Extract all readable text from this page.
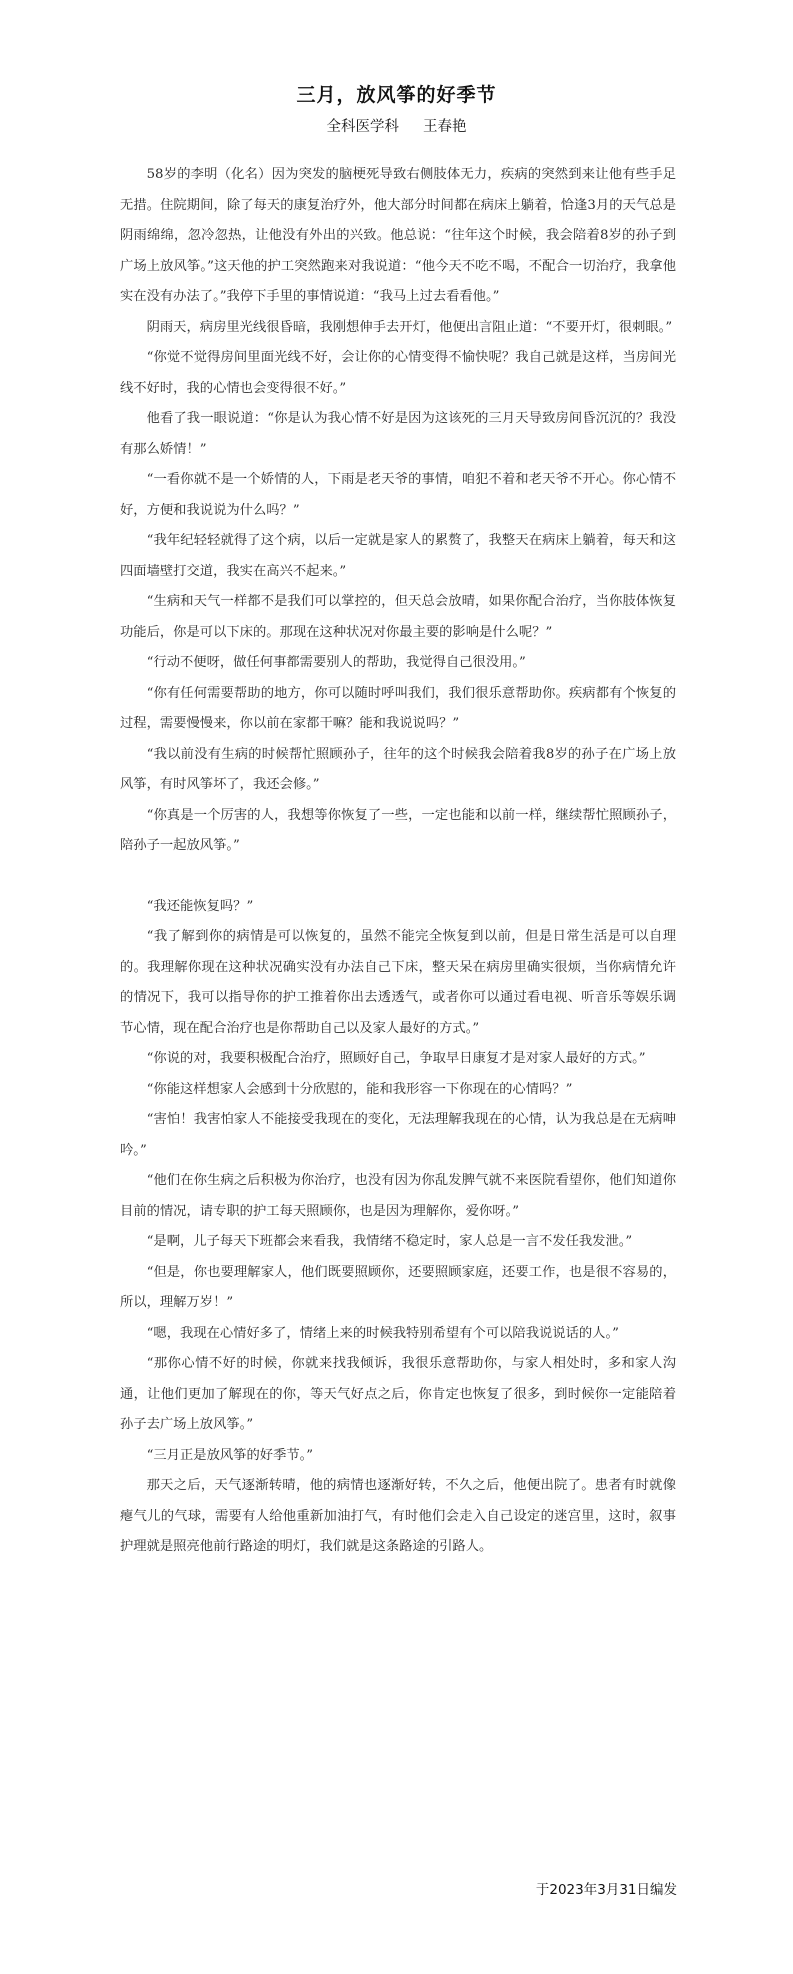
三月，放风筝的好季节
全科医学科 王春艳

58岁的李明（化名）因为突发的脑梗死导致右侧肢体无力，疾病的突然到来让他有些手足无措。住院期间，除了每天的康复治疗外，他大部分时间都在病床上躺着，恰逢3月的天气总是阴雨绵绵，忽冷忽热，让他没有外出的兴致。他总说：“往年这个时候，我会陪着8岁的孙子到广场上放风筝。”这天他的护工突然跑来对我说道：“他今天不吃不喝，不配合一切治疗，我拿他实在没有办法了。”我停下手里的事情说道：“我马上过去看看他。”

阴雨天，病房里光线很昏暗，我刚想伸手去开灯，他便出言阻止道：“不要开灯，很刺眼。”

“你觉不觉得房间里面光线不好，会让你的心情变得不愉快呢？我自己就是这样，当房间光线不好时，我的心情也会变得很不好。”

他看了我一眼说道：“你是认为我心情不好是因为这该死的三月天导致房间昏沉沉的？我没有那么娇情！”

“一看你就不是一个娇情的人，下雨是老天爷的事情，咱犯不着和老天爷不开心。你心情不好，方便和我说说为什么吗？”

“我年纪轻轻就得了这个病，以后一定就是家人的累赘了，我整天在病床上躺着，每天和这四面墙壁打交道，我实在高兴不起来。”

“生病和天气一样都不是我们可以掌控的，但天总会放晴，如果你配合治疗，当你肢体恢复功能后，你是可以下床的。那现在这种状况对你最主要的影响是什么呢？”

“行动不便呀，做任何事都需要别人的帮助，我觉得自己很没用。”

“你有任何需要帮助的地方，你可以随时呼叫我们，我们很乐意帮助你。疾病都有个恢复的过程，需要慢慢来，你以前在家都干嘛？能和我说说吗？”

“我以前没有生病的时候帮忙照顾孙子，往年的这个时候我会陪着我8岁的孙子在广场上放风筝，有时风筝坏了，我还会修。”

“你真是一个厉害的人，我想等你恢复了一些，一定也能和以前一样，继续帮忙照顾孙子，陪孙子一起放风筝。”

“我还能恢复吗？”

“我了解到你的病情是可以恢复的，虽然不能完全恢复到以前，但是日常生活是可以自理的。我理解你现在这种状况确实没有办法自己下床，整天呆在病房里确实很烦，当你病情允许的情况下，我可以指导你的护工推着你出去透透气，或者你可以通过看电视、听音乐等娱乐调节心情，现在配合治疗也是你帮助自己以及家人最好的方式。”

“你说的对，我要积极配合治疗，照顾好自己，争取早日康复才是对家人最好的方式。”

“你能这样想家人会感到十分欣慰的，能和我形容一下你现在的心情吗？”

“害怕！我害怕家人不能接受我现在的变化，无法理解我现在的心情，认为我总是在无病呻吟。”

“他们在你生病之后积极为你治疗，也没有因为你乱发脾气就不来医院看望你，他们知道你目前的情况，请专职的护工每天照顾你，也是因为理解你，爱你呀。”

“是啊，儿子每天下班都会来看我，我情绪不稳定时，家人总是一言不发任我发泄。”

“但是，你也要理解家人，他们既要照顾你，还要照顾家庭，还要工作，也是很不容易的，所以，理解万岁！”

“嗯，我现在心情好多了，情绪上来的时候我特别希望有个可以陪我说说话的人。”

“那你心情不好的时候，你就来找我倾诉，我很乐意帮助你，与家人相处时，多和家人沟通，让他们更加了解现在的你，等天气好点之后，你肯定也恢复了很多，到时候你一定能陪着孙子去广场上放风筝。”

“三月正是放风筝的好季节。”

那天之后，天气逐渐转晴，他的病情也逐渐好转，不久之后，他便出院了。患者有时就像瘪气儿的气球，需要有人给他重新加油打气，有时他们会走入自己设定的迷宫里，这时，叙事护理就是照亮他前行路途的明灯，我们就是这条路途的引路人。

于2023年3月31日编发
